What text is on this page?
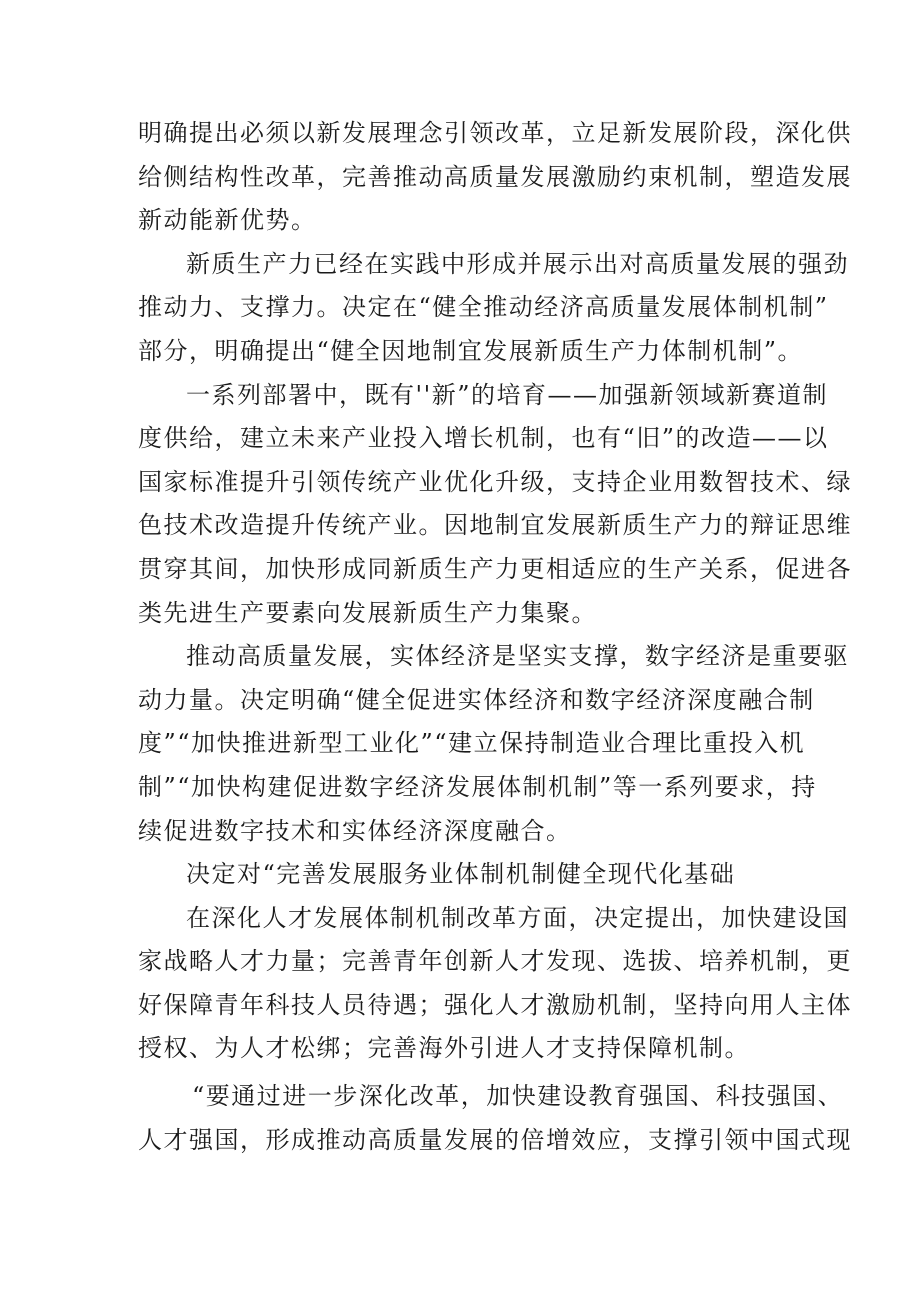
明确提出必须以新发展理念引领改革，立足新发展阶段，深化供
给侧结构性改革，完善推动高质量发展激励约束机制，塑造发展
新动能新优势。
新质生产力已经在实践中形成并展示出对高质量发展的强劲
推动力、支撑力。决定在“健全推动经济高质量发展体制机制”
部分，明确提出“健全因地制宜发展新质生产力体制机制”。
一系列部署中，既有''新”的培育——加强新领域新赛道制
度供给，建立未来产业投入增长机制，也有“旧”的改造——以
国家标准提升引领传统产业优化升级，支持企业用数智技术、绿
色技术改造提升传统产业。因地制宜发展新质生产力的辩证思维
贯穿其间，加快形成同新质生产力更相适应的生产关系，促进各
类先进生产要素向发展新质生产力集聚。
推动高质量发展，实体经济是坚实支撑，数字经济是重要驱
动力量。决定明确“健全促进实体经济和数字经济深度融合制
度”“加快推进新型工业化”“建立保持制造业合理比重投入机
制”“加快构建促进数字经济发展体制机制”等一系列要求，持
续促进数字技术和实体经济深度融合。
决定对“完善发展服务业体制机制健全现代化基础
在深化人才发展体制机制改革方面，决定提出，加快建设国
家战略人才力量；完善青年创新人才发现、选拔、培养机制，更
好保障青年科技人员待遇；强化人才激励机制，坚持向用人主体
授权、为人才松绑；完善海外引进人才支持保障机制。
“要通过进一步深化改革，加快建设教育强国、科技强国、
人才强国，形成推动高质量发展的倍增效应，支撑引领中国式现
